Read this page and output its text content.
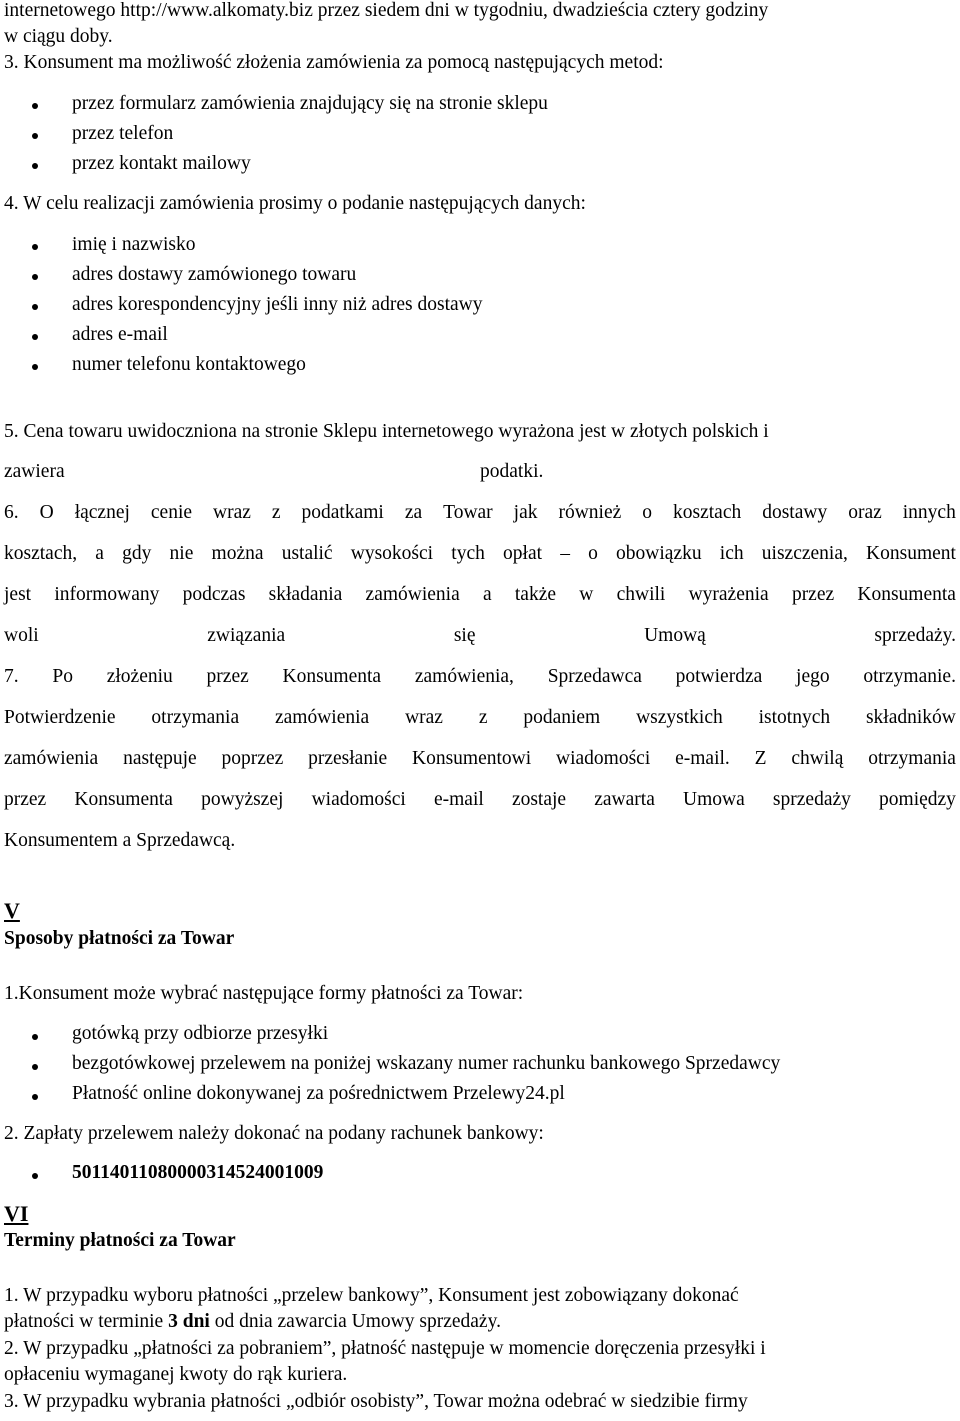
internetowego http://www.alkomaty.biz przez siedem dni w tygodniu, dwadzieścia cztery godziny
w ciągu doby.
3. Konsument ma możliwość złożenia zamówienia za pomocą następujących metod:
przez formularz zamówienia znajdujący się na stronie sklepu
przez telefon
przez kontakt mailowy
4. W celu realizacji zamówienia prosimy o podanie następujących danych:
imię i nazwisko
adres dostawy zamówionego towaru
adres korespondencyjny jeśli inny niż adres dostawy
adres e-mail
numer telefonu kontaktowego
5. Cena towaru uwidoczniona na stronie Sklepu internetowego wyrażona jest w złotych polskich i
zawiera	podatki.
6. O łącznej cenie wraz z podatkami za Towar jak również o kosztach dostawy oraz innych
kosztach, a gdy nie można ustalić wysokości tych opłat – o obowiązku ich uiszczenia, Konsument
jest informowany podczas składania zamówienia a także w chwili wyrażenia przez Konsumenta
woli	związania	się	Umową	sprzedaży.
7. Po złożeniu przez Konsumenta zamówienia, Sprzedawca potwierdza jego otrzymanie.
Potwierdzenie otrzymania zamówienia wraz z podaniem wszystkich istotnych składników
zamówienia następuje poprzez przesłanie Konsumentowi wiadomości e-mail. Z chwilą otrzymania
przez Konsumenta powyższej wiadomości e-mail zostaje zawarta Umowa sprzedaży pomiędzy
Konsumentem a Sprzedawcą.
V
Sposoby płatności za Towar
1.Konsument może wybrać następujące formy płatności za Towar:
gotówką przy odbiorze przesyłki
bezgotówkowej przelewem na poniżej wskazany numer rachunku bankowego Sprzedawcy
Płatność online dokonywanej za pośrednictwem Przelewy24.pl
2. Zapłaty przelewem należy dokonać na podany rachunek bankowy:
50114011080000314524001009
VI
Terminy płatności za Towar
1. W przypadku wyboru płatności „przelew bankowy”, Konsument jest zobowiązany dokonać
płatności w terminie 3 dni od dnia zawarcia Umowy sprzedaży.
2. W przypadku „płatności za pobraniem”, płatność następuje w momencie doręczenia przesyłki i
opłaceniu wymaganej kwoty do rąk kuriera.
3. W przypadku wybrania płatności „odbiór osobisty”, Towar można odebrać w siedzibie firmy
